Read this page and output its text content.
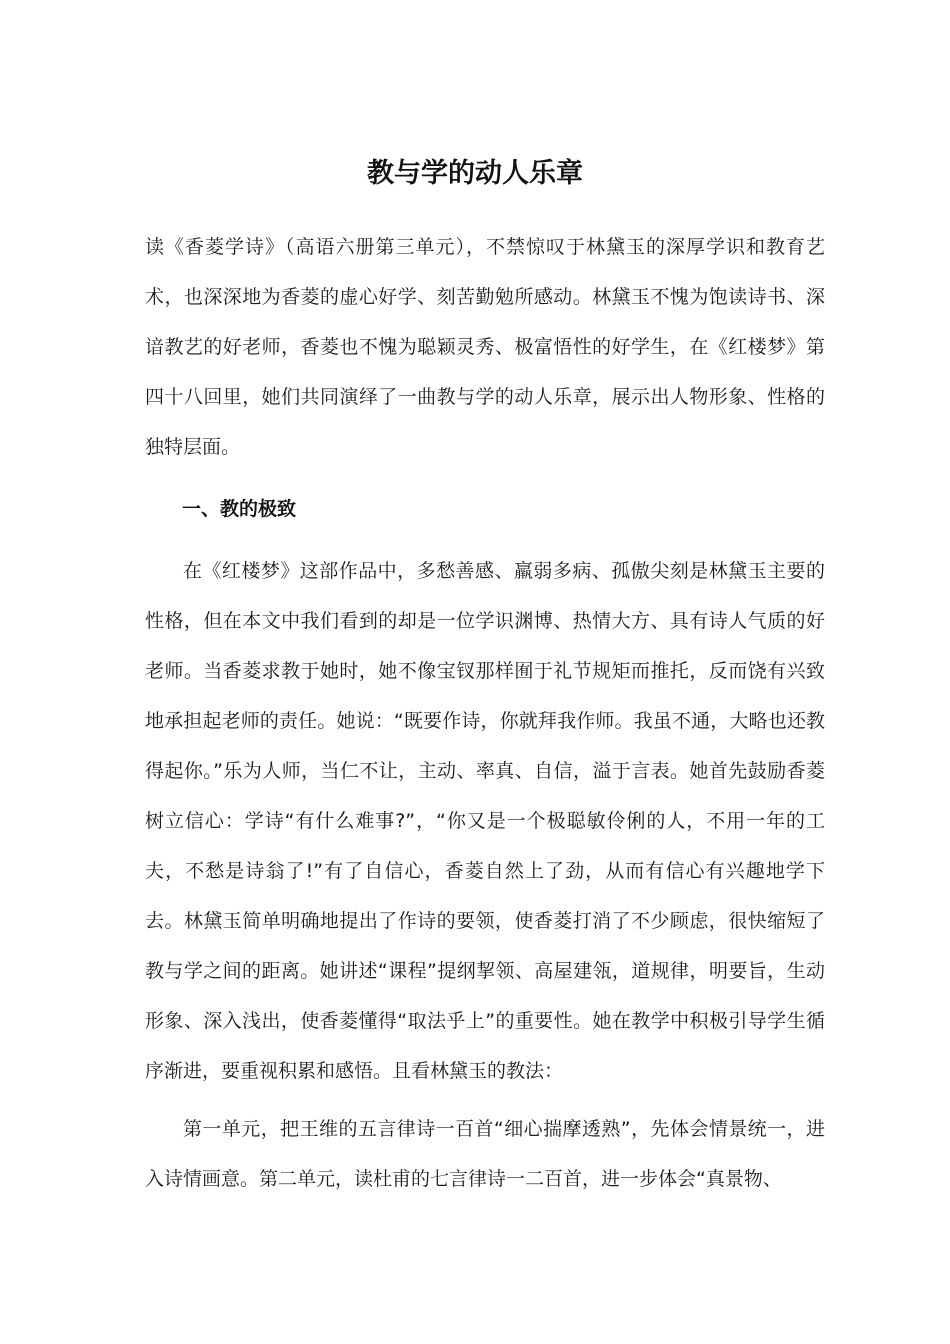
教与学的动人乐章
读《香菱学诗》（高语六册第三单元），不禁惊叹于林黛玉的深厚学识和教育艺术，也深深地为香菱的虚心好学、刻苦勤勉所感动。林黛玉不愧为饱读诗书、深谙教艺的好老师，香菱也不愧为聪颖灵秀、极富悟性的好学生，在《红楼梦》第四十八回里，她们共同演绎了一曲教与学的动人乐章，展示出人物形象、性格的独特层面。
一、教的极致
在《红楼梦》这部作品中，多愁善感、羸弱多病、孤傲尖刻是林黛玉主要的性格，但在本文中我们看到的却是一位学识渊博、热情大方、具有诗人气质的好老师。当香菱求教于她时，她不像宝钗那样囿于礼节规矩而推托，反而饶有兴致地承担起老师的责任。她说：“既要作诗，你就拜我作师。我虽不通，大略也还教得起你。”乐为人师，当仁不让，主动、率真、自信，溢于言表。她首先鼓励香菱树立信心：学诗“有什么难事?”，“你又是一个极聪敏伶俐的人，不用一年的工夫，不愁是诗翁了!”有了自信心，香菱自然上了劲，从而有信心有兴趣地学下去。林黛玉简单明确地提出了作诗的要领，使香菱打消了不少顾虑，很快缩短了教与学之间的距离。她讲述“课程”提纲挈领、高屋建瓴，道规律，明要旨，生动形象、深入浅出，使香菱懂得“取法乎上”的重要性。她在教学中积极引导学生循序渐进，要重视积累和感悟。且看林黛玉的教法：
第一单元，把王维的五言律诗一百首“细心揣摩透熟”，先体会情景统一，进入诗情画意。第二单元，读杜甫的七言律诗一二百首，进一步体会“真景物、
